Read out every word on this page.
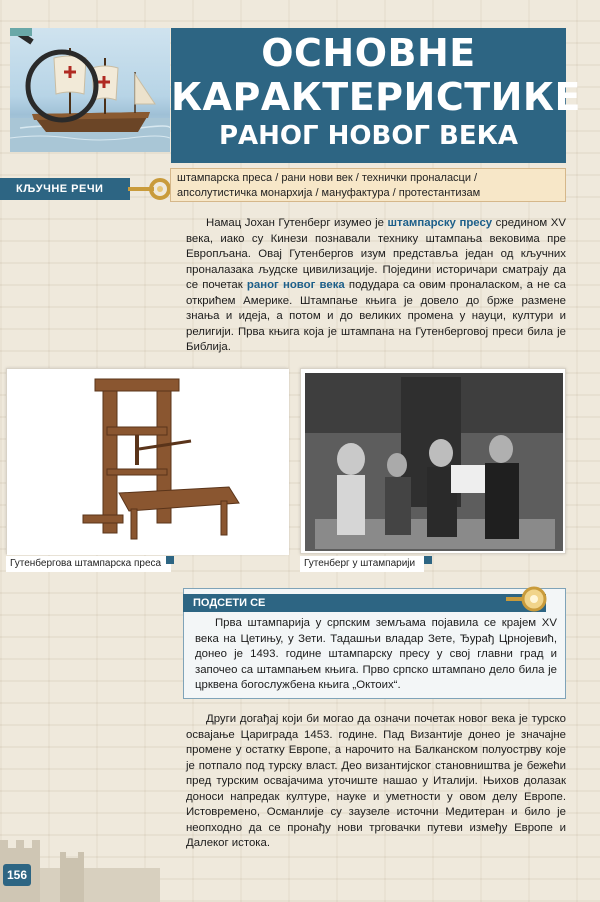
ОСНОВНЕ
КАРАКТЕРИСТИКЕ
РАНОГ НОВОГ ВЕКА
КЉУЧНЕ РЕЧИ
штампарска преса / рани нови век / технички проналасци /
апсолутистичка монархија / мануфактура / протестантизам
Намац Јохан Гутенберг изумео је штампарску пресу средином XV века, иако су Кинези познавали технику штампања вековима пре Европљана. Овај Гутенбергов изум представља један од кључних проналазака људске цивилизације. Поједини историчари сматрају да се почетак раног новог века подудара са овим проналаском, а не са открићем Америке. Штампање књига је довело до брже размене знања и идеја, а потом и до великих промена у науци, култури и религији. Прва књига која је штампана на Гутенберговој преси била је Библија.
Гутенбергова штампарска преса	Гутенберг у штампарији
ПОДСЕТИ СЕ
Прва штампарија у српским земљама појавила се крајем XV века на Цетињу, у Зети. Тадашњи владар Зете, Ђурађ Црнојевић, донео је 1493. године штампарску пресу у свој главни град и започео са штампањем књига. Прво српско штампано дело била је црквена богослужбена књига „Октоих“.
Други догађај који би могао да означи почетак новог века је турско освајање Цариграда 1453. године. Пад Византије донео је значајне промене у остатку Европе, а нарочито на Балканском полуострву које је потпало под турску власт. Део византијског становништва је бежећи пред турским освајачима уточиште нашао у Италији. Њихов долазак доноси напредак културе, науке и уметности у овом делу Европе. Истовремено, Османлије су заузеле источни Медитеран и било је неопходно да се пронађу нови трговачки путеви између Европе и Далеког истока.
156
